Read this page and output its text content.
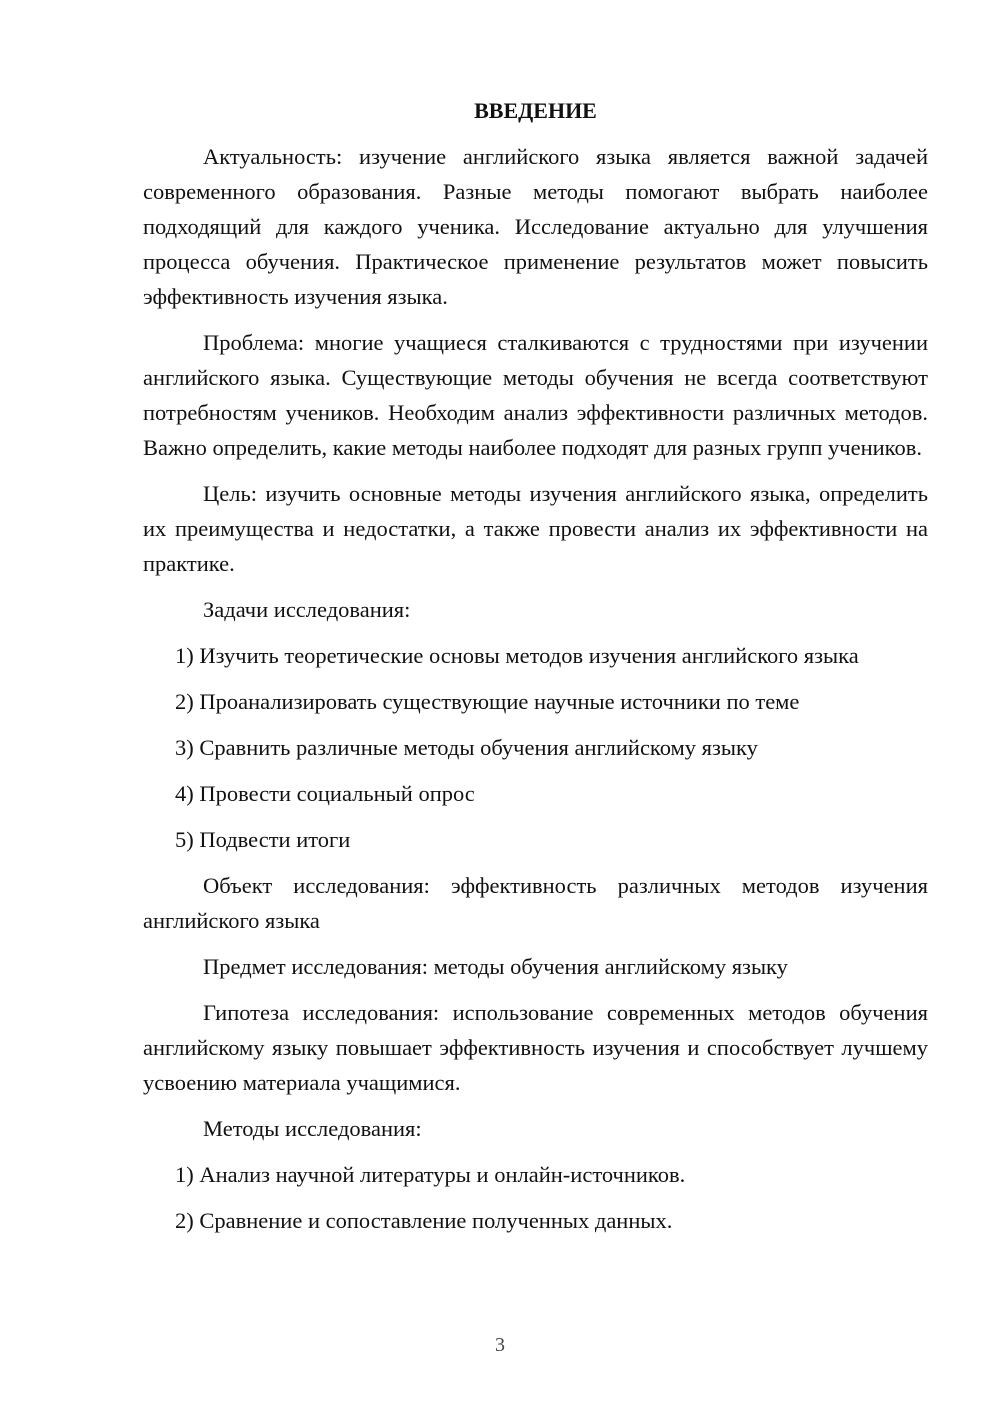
ВВЕДЕНИЕ

Актуальность: изучение английского языка является важной задачей современного образования. Разные методы помогают выбрать наиболее подходящий для каждого ученика. Исследование актуально для улучшения процесса обучения. Практическое применение результатов может повысить эффективность изучения языка.

Проблема: многие учащиеся сталкиваются с трудностями при изучении английского языка. Существующие методы обучения не всегда соответствуют потребностям учеников. Необходим анализ эффективности различных методов. Важно определить, какие методы наиболее подходят для разных групп учеников.

Цель: изучить основные методы изучения английского языка, определить их преимущества и недостатки, а также провести анализ их эффективности на практике.

Задачи исследования:

1) Изучить теоретические основы методов изучения английского языка

2) Проанализировать существующие научные источники по теме

3) Сравнить различные методы обучения английскому языку

4) Провести социальный опрос

5) Подвести итоги

Объект исследования: эффективность различных методов изучения английского языка

Предмет исследования: методы обучения английскому языку

Гипотеза исследования: использование современных методов обучения английскому языку повышает эффективность изучения и способствует лучшему усвоению материала учащимися.

Методы исследования:

1) Анализ научной литературы и онлайн-источников.

2) Сравнение и сопоставление полученных данных.

3
